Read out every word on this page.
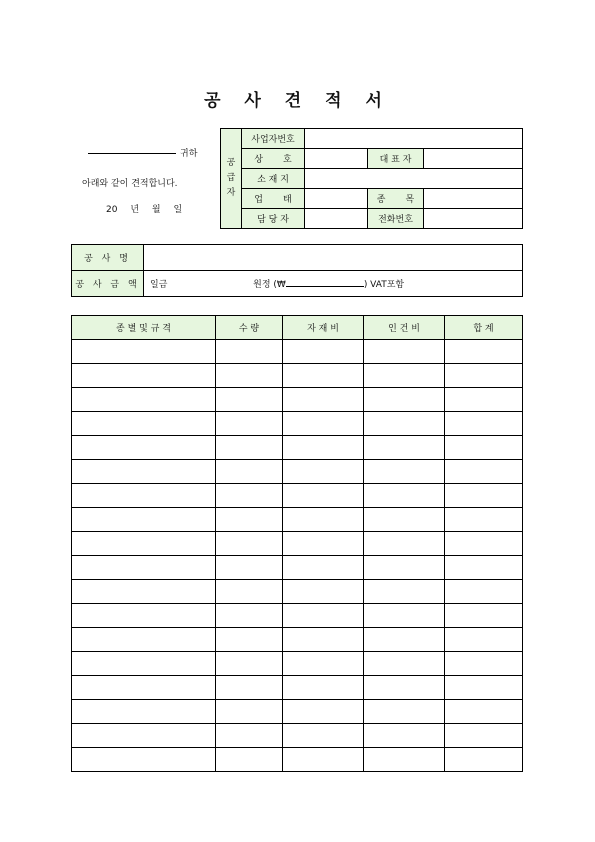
공 사 견 적 서
귀하
아래와 같이 견적합니다.
20 년 월 일
공
급
자	사업자번호			
	상       호		대 표 자	
	소 재 지			
	업       태		종       목	
	담 당 자		전화번호	
공 사 명	
공 사 금 액	일금 원정 (₩ ) VAT포함
종 별 및 규 격	수 량	자 재 비	인 건 비	합 계
